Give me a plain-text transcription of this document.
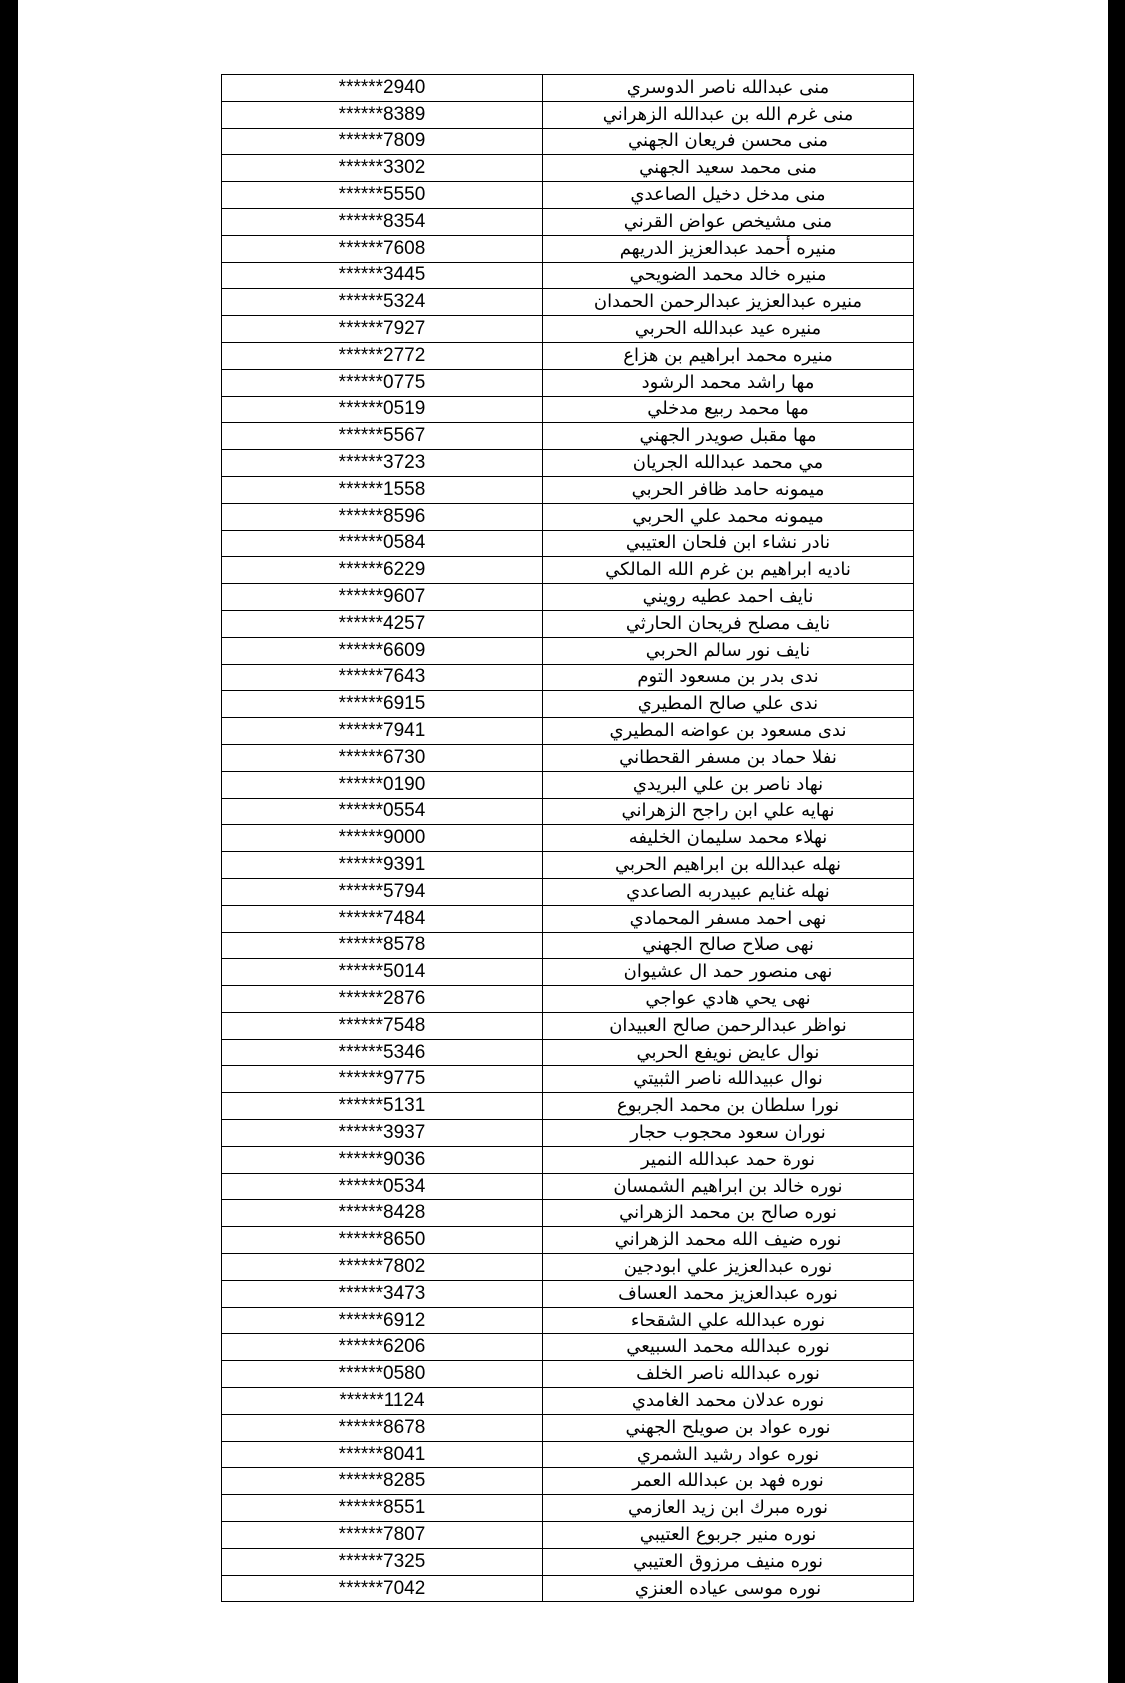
******2940	منى عبدالله ناصر الدوسري
******8389	منى غرم الله بن عبدالله الزهراني
******7809	منى محسن فريعان الجهني
******3302	منى محمد سعيد الجهني
******5550	منى مدخل دخيل الصاعدي
******8354	منى مشيخص عواض القرني
******7608	منيره أحمد عبدالعزيز الدريهم
******3445	منيره خالد محمد الضويحي
******5324	منيره عبدالعزيز عبدالرحمن الحمدان
******7927	منيره عيد عبدالله الحربي
******2772	منيره محمد ابراهيم بن هزاع
******0775	مها راشد محمد الرشود
******0519	مها محمد ربيع مدخلي
******5567	مها مقبل صويدر الجهني
******3723	مي محمد عبدالله الجريان
******1558	ميمونه حامد ظافر الحربي
******8596	ميمونه محمد علي الحربي
******0584	نادر نشاء ابن فلحان العتيبي
******6229	ناديه ابراهيم بن غرم الله المالكي
******9607	نايف احمد عطيه رويني
******4257	نايف مصلح فريحان الحارثي
******6609	نايف نور سالم الحربي
******7643	ندى بدر بن مسعود التوم
******6915	ندى علي صالح المطيري
******7941	ندى مسعود بن عواضه المطيري
******6730	نفلا حماد بن مسفر القحطاني
******0190	نهاد ناصر بن علي البريدي
******0554	نهايه علي ابن راجح الزهراني
******9000	نهلاء محمد سليمان الخليفه
******9391	نهله عبدالله بن ابراهيم الحربي
******5794	نهله غنايم عبيدربه الصاعدي
******7484	نهى احمد مسفر المحمادي
******8578	نهى صلاح صالح الجهني
******5014	نهى منصور حمد ال عشيوان
******2876	نهى يحي هادي عواجي
******7548	نواظر عبدالرحمن صالح العبيدان
******5346	نوال عايض نويفع الحربي
******9775	نوال عبيدالله ناصر الثبيتي
******5131	نورا سلطان بن محمد الجربوع
******3937	نوران سعود محجوب حجار
******9036	نورة حمد عبدالله النمير
******0534	نوره خالد بن ابراهيم الشمسان
******8428	نوره صالح بن محمد الزهراني
******8650	نوره ضيف الله محمد الزهراني
******7802	نوره عبدالعزيز علي ابودجين
******3473	نوره عبدالعزيز محمد العساف
******6912	نوره عبدالله علي الشقحاء
******6206	نوره عبدالله محمد السبيعي
******0580	نوره عبدالله ناصر الخلف
******1124	نوره عدلان محمد الغامدي
******8678	نوره عواد بن صويلح الجهني
******8041	نوره عواد رشيد الشمري
******8285	نوره فهد بن عبدالله العمر
******8551	نوره مبرك ابن زيد العازمي
******7807	نوره منير جربوع العتيبي
******7325	نوره منيف مرزوق العتيبي
******7042	نوره موسى عياده العنزي
